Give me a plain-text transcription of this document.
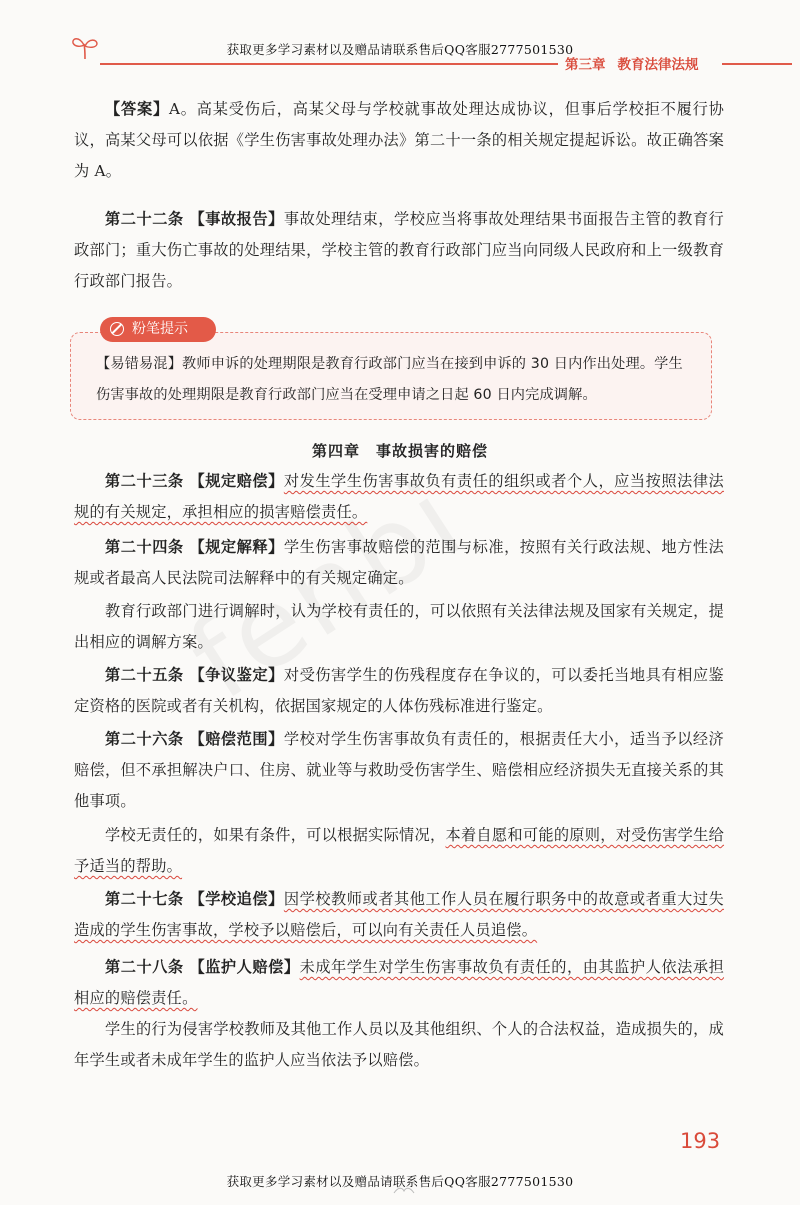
获取更多学习素材以及赠品请联系售后QQ客服2777501530
第三章 教育法律法规
【答案】A。高某受伤后，高某父母与学校就事故处理达成协议，但事后学校拒不履行协议，高某父母可以依据《学生伤害事故处理办法》第二十一条的相关规定提起诉讼。故正确答案为 A。
第二十二条 【事故报告】事故处理结束，学校应当将事故处理结果书面报告主管的教育行政部门；重大伤亡事故的处理结果，学校主管的教育行政部门应当向同级人民政府和上一级教育行政部门报告。
粉笔提示
【易错易混】教师申诉的处理期限是教育行政部门应当在接到申诉的 30 日内作出处理。学生伤害事故的处理期限是教育行政部门应当在受理申请之日起 60 日内完成调解。
第四章　事故损害的赔偿
第二十三条 【规定赔偿】对发生学生伤害事故负有责任的组织或者个人，应当按照法律法规的有关规定，承担相应的损害赔偿责任。
第二十四条 【规定解释】学生伤害事故赔偿的范围与标准，按照有关行政法规、地方性法规或者最高人民法院司法解释中的有关规定确定。
教育行政部门进行调解时，认为学校有责任的，可以依照有关法律法规及国家有关规定，提出相应的调解方案。
第二十五条 【争议鉴定】对受伤害学生的伤残程度存在争议的，可以委托当地具有相应鉴定资格的医院或者有关机构，依据国家规定的人体伤残标准进行鉴定。
第二十六条 【赔偿范围】学校对学生伤害事故负有责任的，根据责任大小，适当予以经济赔偿，但不承担解决户口、住房、就业等与救助受伤害学生、赔偿相应经济损失无直接关系的其他事项。
学校无责任的，如果有条件，可以根据实际情况，本着自愿和可能的原则，对受伤害学生给予适当的帮助。
第二十七条 【学校追偿】因学校教师或者其他工作人员在履行职务中的故意或者重大过失造成的学生伤害事故，学校予以赔偿后，可以向有关责任人员追偿。
第二十八条 【监护人赔偿】未成年学生对学生伤害事故负有责任的，由其监护人依法承担相应的赔偿责任。
学生的行为侵害学校教师及其他工作人员以及其他组织、个人的合法权益，造成损失的，成年学生或者未成年学生的监护人应当依法予以赔偿。
193
获取更多学习素材以及赠品请联系售后QQ客服2777501530
